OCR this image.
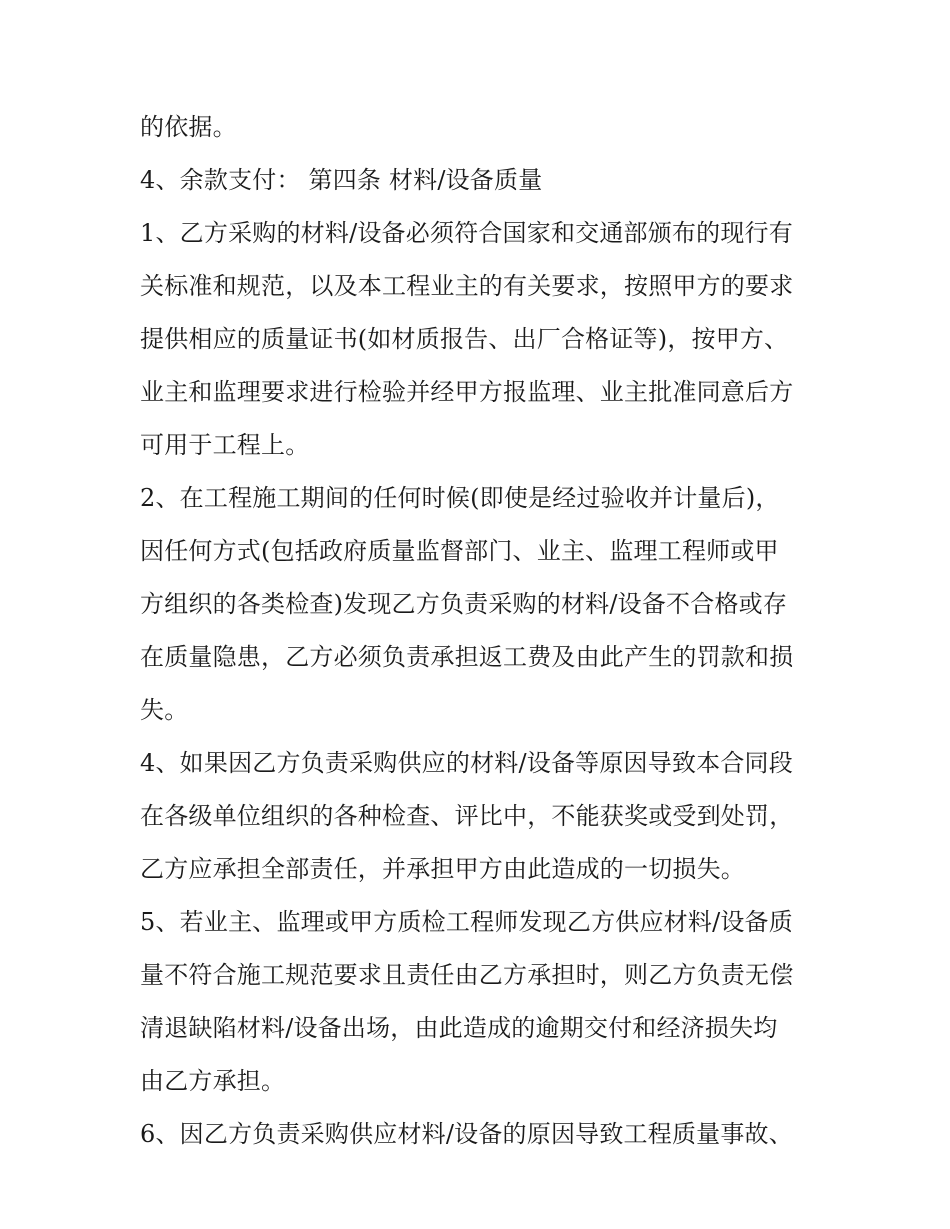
的依据。
4、余款支付： 第四条 材料/设备质量
1、乙方采购的材料/设备必须符合国家和交通部颁布的现行有
关标准和规范，以及本工程业主的有关要求，按照甲方的要求
提供相应的质量证书(如材质报告、出厂合格证等)，按甲方、
业主和监理要求进行检验并经甲方报监理、业主批准同意后方
可用于工程上。
2、在工程施工期间的任何时候(即使是经过验收并计量后)，
因任何方式(包括政府质量监督部门、业主、监理工程师或甲
方组织的各类检查)发现乙方负责采购的材料/设备不合格或存
在质量隐患，乙方必须负责承担返工费及由此产生的罚款和损
失。
4、如果因乙方负责采购供应的材料/设备等原因导致本合同段
在各级单位组织的各种检查、评比中，不能获奖或受到处罚，
乙方应承担全部责任，并承担甲方由此造成的一切损失。
5、若业主、监理或甲方质检工程师发现乙方供应材料/设备质
量不符合施工规范要求且责任由乙方承担时，则乙方负责无偿
清退缺陷材料/设备出场，由此造成的逾期交付和经济损失均
由乙方承担。
6、因乙方负责采购供应材料/设备的原因导致工程质量事故、
